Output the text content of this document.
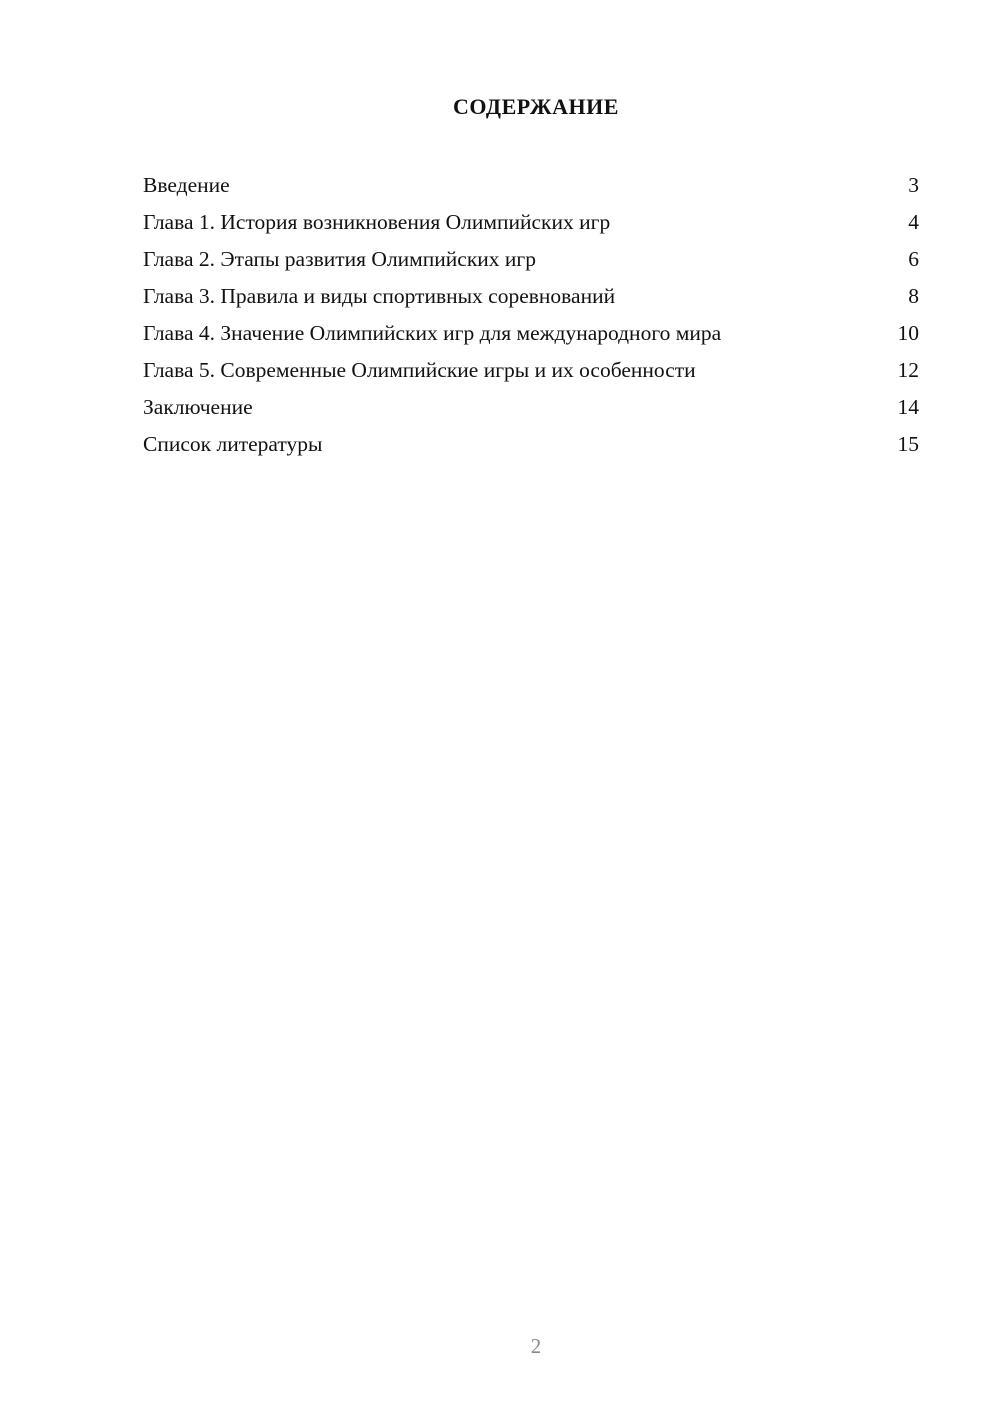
СОДЕРЖАНИЕ
Введение	3
Глава 1. История возникновения Олимпийских игр	4
Глава 2. Этапы развития Олимпийских игр	6
Глава 3. Правила и виды спортивных соревнований	8
Глава 4. Значение Олимпийских игр для международного мира	10
Глава 5. Современные Олимпийские игры и их особенности	12
Заключение	14
Список литературы	15
2
